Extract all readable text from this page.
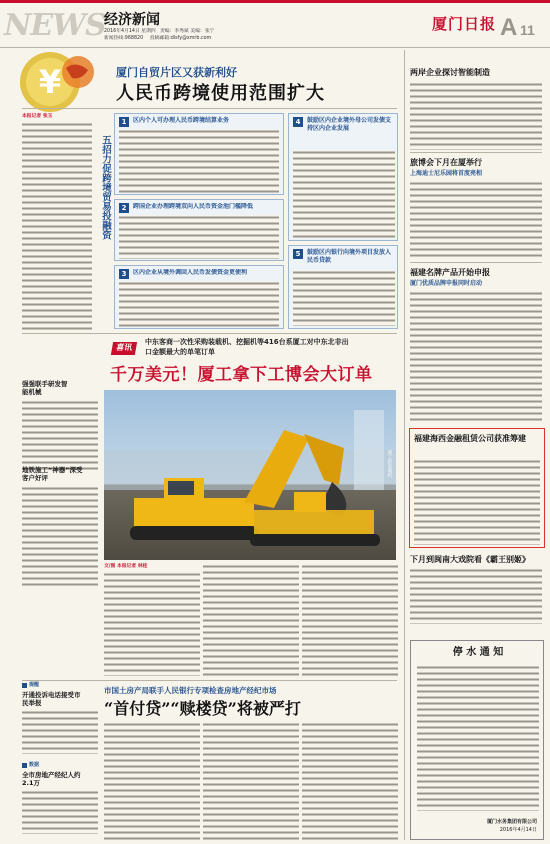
NEWS
经济新闻
2016年4月14日 星期四 责编：李秀斌 美编：张宁
新闻热线:968820 投稿邮箱:dlsfy@xmrb.com
厦门日报 A 11
¥	厦门自贸片区又获新利好
人民币跨境使用范围扩大
本报记者 张玉
五招力促跨境贸易投融资
1	区内个人可办理人民币跨境结算业务
2	跨国企业办理跨境双向人民币资金池门槛降低
3	区内企业从境外调回人民币发债资金更便利
4	鼓励区内企业境外母公司发债支持区内企业发展
5	鼓励区内银行向境外项目发放人民币贷款
喜讯
中东客商一次性采购装载机、挖掘机等416台系厦工对中东北非出口金额最大的单笔订单
千万美元！厦工拿下工博会大订单
厦工的装载机
强强联手研发智能机械
地铁施工“神器”深受客户好评
文/图 本报记者 林桂
市国土房产局联手人民银行专项检查房地产经纪市场
“首付贷”“赎楼贷”将被严打
提醒
开通投诉电话接受市民举报
数据
全市房地产经纪人约2.1万
两岸企业探讨智能制造
旅博会下月在厦举行
上海迪士尼乐园将首度亮相
福建名牌产品开始申报
厦门优质品牌申报同时启动
福建海西金融租赁公司获准筹建
下月到闽南大戏院看《霸王别姬》
停 水 通 知
厦门水务集团有限公司
2016年4月14日
